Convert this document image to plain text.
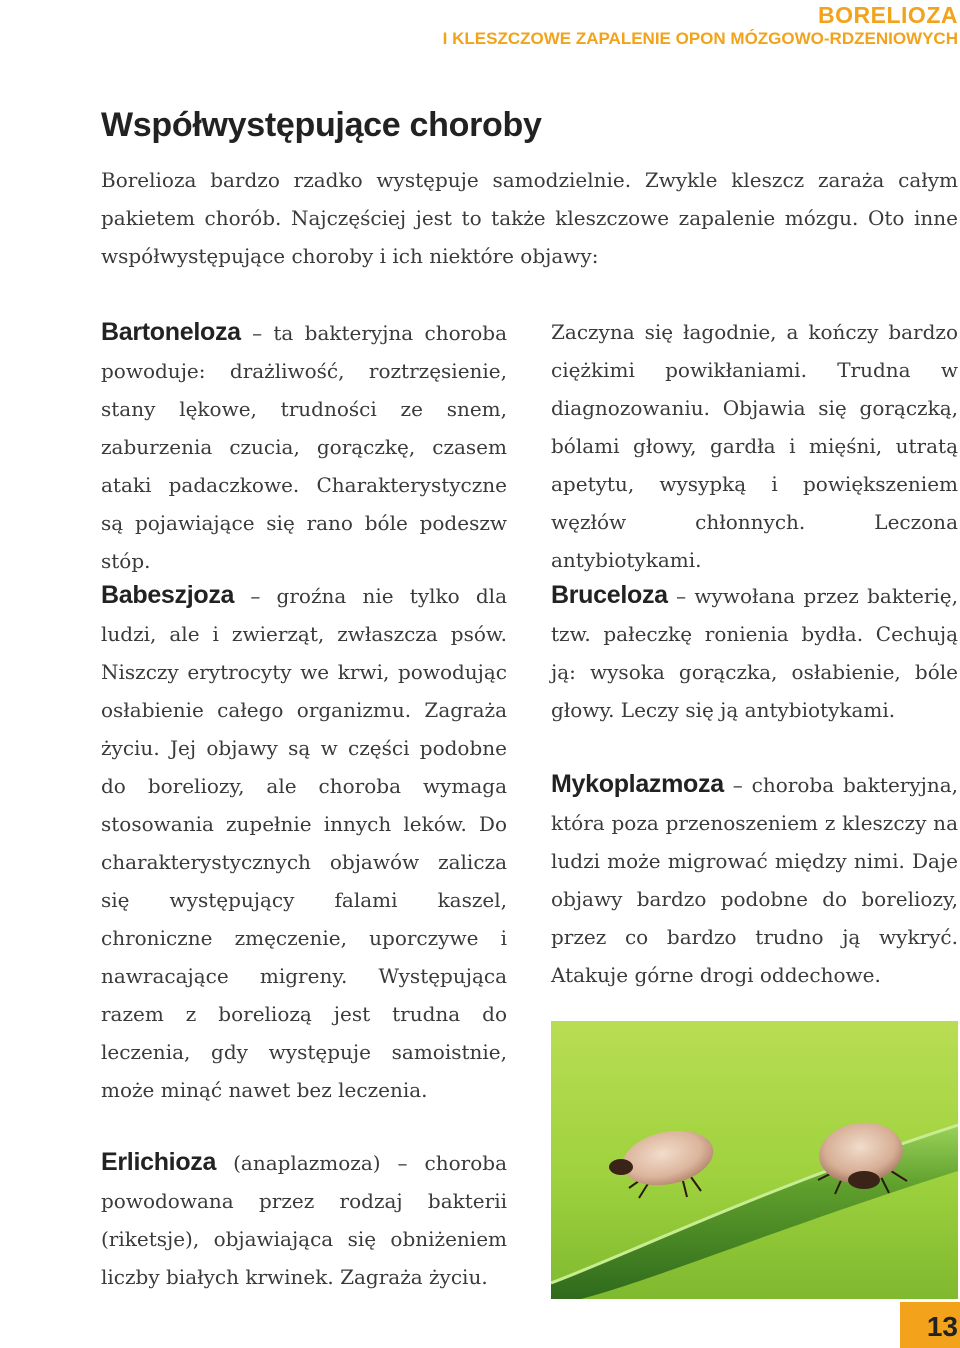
BORELIOZA
I KLESZCZOWE ZAPALENIE OPON MÓZGOWO-RDZENIOWYCH
Współwystępujące choroby

Borelioza bardzo rzadko występuje samodzielnie. Zwykle kleszcz zaraża całym pakietem chorób. Najczęściej jest to także kleszczowe zapalenie mózgu. Oto inne współwystępujące choroby i ich niektóre objawy:

Bartoneloza – ta bakteryjna choroba powoduje: drażliwość, roztrzęsienie, stany lękowe, trudności ze snem, zaburzenia czucia, gorączkę, czasem ataki padaczkowe. Charakterystyczne są pojawiające się rano bóle podeszw stóp.

Babeszjoza – groźna nie tylko dla ludzi, ale i zwierząt, zwłaszcza psów. Niszczy erytrocyty we krwi, powodując osłabienie całego organizmu. Zagraża życiu. Jej objawy są w części podobne do boreliozy, ale choroba wymaga stosowania zupełnie innych leków. Do charakterystycznych objawów zalicza się występujący falami kaszel, chroniczne zmęczenie, uporczywe i nawracające migreny. Występująca razem z boreliozą jest trudna do leczenia, gdy występuje samoistnie, może minąć nawet bez leczenia.

Erlichioza (anaplazmoza) – choroba powodowana przez rodzaj bakterii (riketsje), objawiająca się obniżeniem liczby białych krwinek. Zagraża życiu.

Zaczyna się łagodnie, a kończy bardzo ciężkimi powikłaniami. Trudna w diagnozowaniu. Objawia się gorączką, bólami głowy, gardła i mięśni, utratą apetytu, wysypką i powiększeniem węzłów chłonnych. Leczona antybiotykami.

Bruceloza – wywołana przez bakterię, tzw. pałeczkę ronienia bydła. Cechują ją: wysoka gorączka, osłabienie, bóle głowy. Leczy się ją antybiotykami.

Mykoplazmoza – choroba bakteryjna, która poza przenoszeniem z kleszczy na ludzi może migrować między nimi. Daje objawy bardzo podobne do boreliozy, przez co bardzo trudno ją wykryć. Atakuje górne drogi oddechowe.

13
